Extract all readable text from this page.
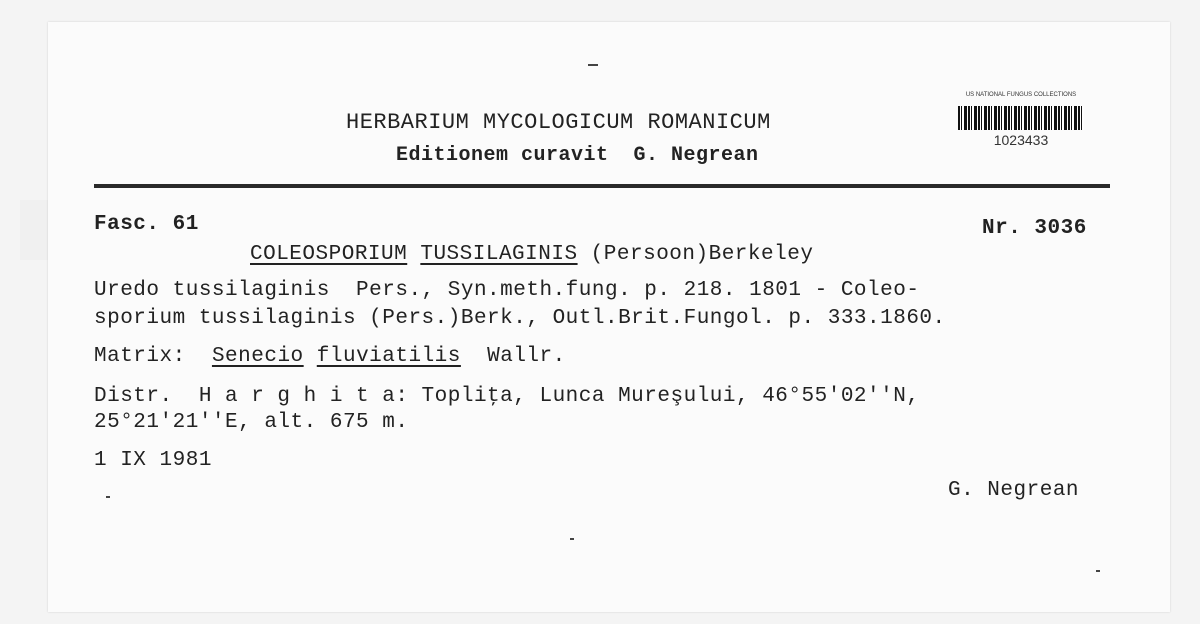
HERBARIUM MYCOLOGICUM ROMANICUM
Editionem curavit  G. Negrean
US NATIONAL FUNGUS COLLECTIONS
1023433
Fasc. 61	Nr. 3036
COLEOSPORIUM TUSSILAGINIS (Persoon)Berkeley
Uredo tussilaginis  Pers., Syn.meth.fung. p. 218. 1801 - Coleo-
sporium tussilaginis (Pers.)Berk., Outl.Brit.Fungol. p. 333.1860.
Matrix: Senecio fluviatilis Wallr.
Distr.  H a r g h i t a: Topliţa, Lunca Mureşului, 46°55'02''N,
25°21'21''E, alt. 675 m.
1 IX 1981
G. Negrean
